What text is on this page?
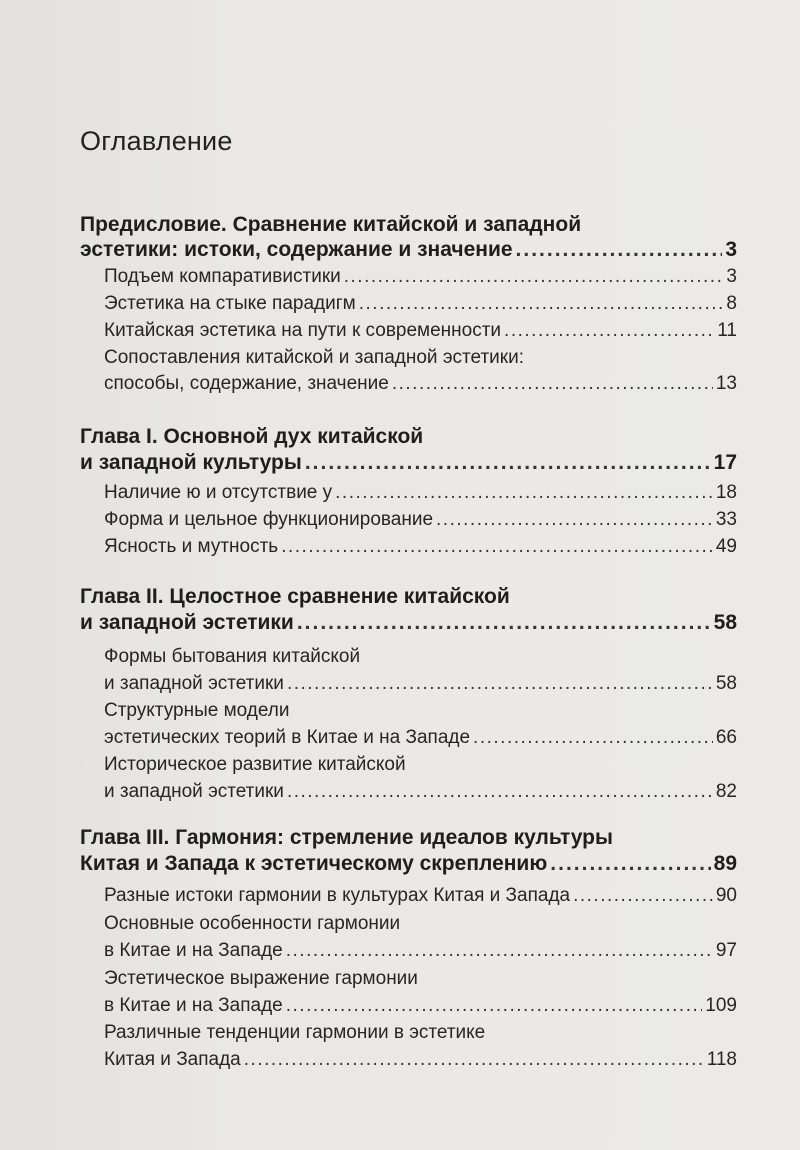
Оглавление
Предисловие. Сравнение китайской и западной
эстетики: истоки, содержание и значение .....	3
Подъем компаративистики .....	3
Эстетика на стыке парадигм .....	8
Китайская эстетика на пути к современности .....	11
Сопоставления китайской и западной эстетики:
способы, содержание, значение .....	13
Глава I. Основной дух китайской
и западной культуры .....	17
Наличие ю и отсутствие у .....	18
Форма и цельное функционирование .....	33
Ясность и мутность .....	49
Глава II. Целостное сравнение китайской
и западной эстетики .....	58
Формы бытования китайской
и западной эстетики .....	58
Структурные модели
эстетических теорий в Китае и на Западе .....	66
Историческое развитие китайской
и западной эстетики .....	82
Глава III. Гармония: стремление идеалов культуры
Китая и Запада к эстетическому скреплению .....	89
Разные истоки гармонии в культурах Китая и Запада .....	90
Основные особенности гармонии
в Китае и на Западе .....	97
Эстетическое выражение гармонии
в Китае и на Западе .....	109
Различные тенденции гармонии в эстетике
Китая и Запада .....	118
